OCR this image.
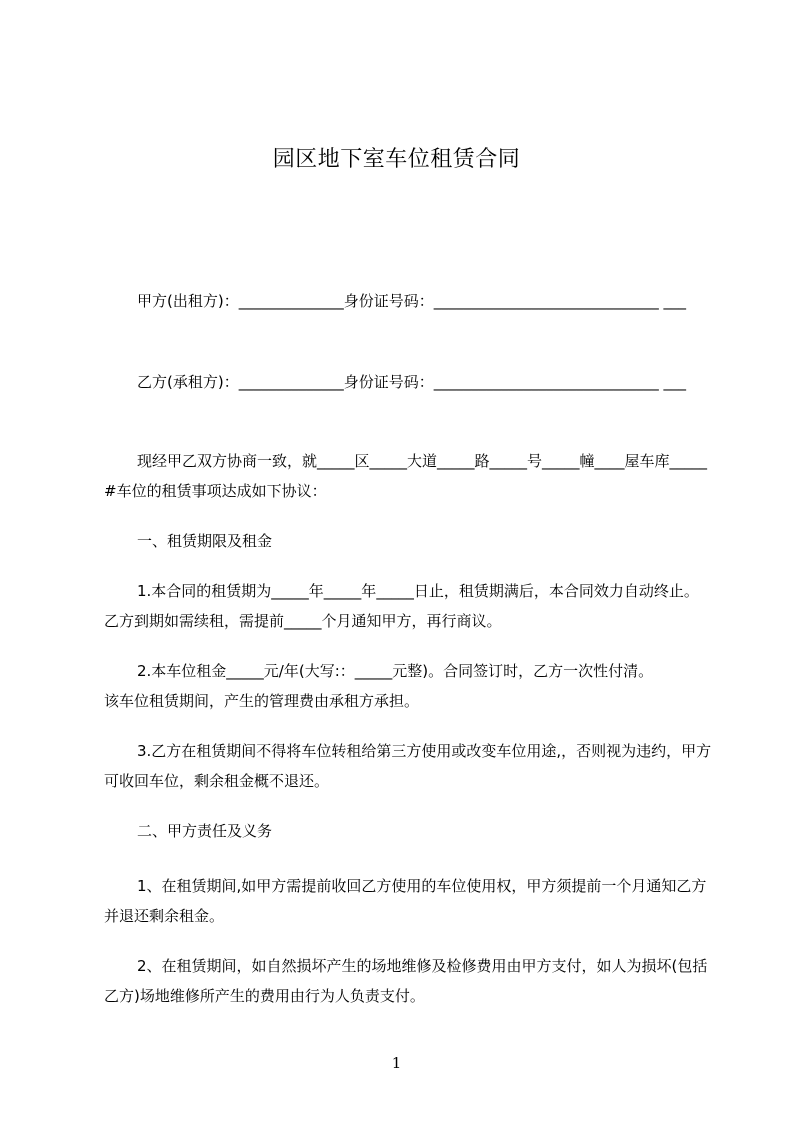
园区地下室车位租赁合同

甲方(出租方)：______________身份证号码：______________________________ ___

乙方(承租方)：______________身份证号码：______________________________ ___

现经甲乙双方协商一致，就_____区_____大道_____路_____号_____幢____屋车库_____#车位的租赁事项达成如下协议：

一、租赁期限及租金

1.本合同的租赁期为_____年_____年_____日止，租赁期满后，本合同效力自动终止。乙方到期如需续租，需提前_____个月通知甲方，再行商议。

2.本车位租金_____元/年(大写:：_____元整)。合同签订时，乙方一次性付清。

该车位租赁期间，产生的管理费由承租方承担。

3.乙方在租赁期间不得将车位转租给第三方使用或改变车位用途,，否则视为违约，甲方可收回车位，剩余租金概不退还。

二、甲方责任及义务

1、在租赁期间,如甲方需提前收回乙方使用的车位使用权，甲方须提前一个月通知乙方并退还剩余租金。

2、在租赁期间，如自然损坏产生的场地维修及检修费用由甲方支付，如人为损坏(包括乙方)场地维修所产生的费用由行为人负责支付。

1
